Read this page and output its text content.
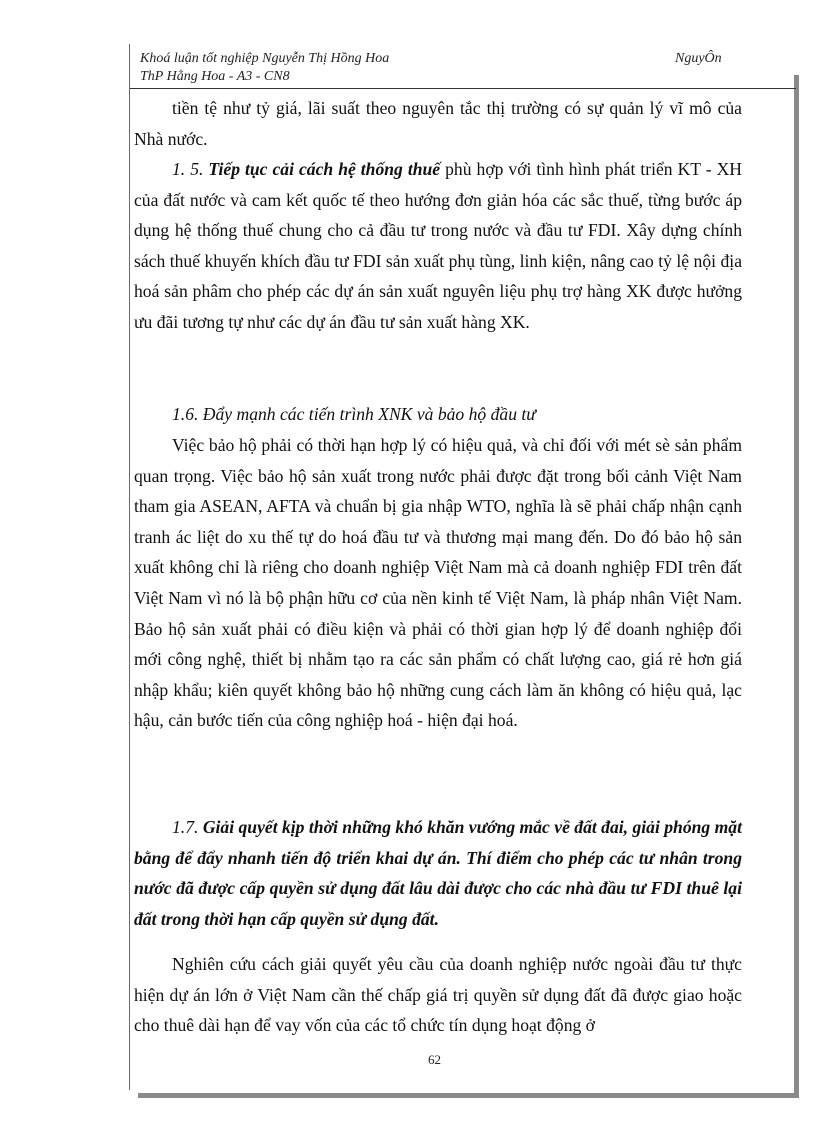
Khoá luận tốt nghiệp Nguyễn Thị Hồng Hoa
ThP Hằng Hoa - A3 - CN8
NguyÔn

tiền tệ như tỷ giá, lãi suất theo nguyên tắc thị trường có sự quản lý vĩ mô của Nhà nước.

1. 5. Tiếp tục cải cách hệ thống thuế phù hợp với tình hình phát triển KT - XH của đất nước và cam kết quốc tế theo hướng đơn giản hóa các sắc thuế, từng bước áp dụng hệ thống thuế chung cho cả đầu tư trong nước và đầu tư FDI. Xây dựng chính sách thuế khuyến khích đầu tư FDI sản xuất phụ tùng, linh kiện, nâng cao tỷ lệ nội địa hoá sản phâm cho phép các dự án sản xuất nguyên liệu phụ trợ hàng XK được hưởng ưu đãi tương tự như các dự án đầu tư sản xuất hàng XK.

1.6. Đẩy mạnh các tiến trình XNK và bảo hộ đầu tư

Việc bảo hộ phải có thời hạn hợp lý có hiệu quả, và chỉ đối với mét sè sản phẩm quan trọng. Việc bảo hộ sản xuất trong nước phải được đặt trong bối cảnh Việt Nam tham gia ASEAN, AFTA và chuẩn bị gia nhập WTO, nghĩa là sẽ phải chấp nhận cạnh tranh ác liệt do xu thế tự do hoá đầu tư và thương mại mang đến. Do đó bảo hộ sản xuất không chỉ là riêng cho doanh nghiệp Việt Nam mà cả doanh nghiệp FDI trên đất Việt Nam vì nó là bộ phận hữu cơ của nền kinh tế Việt Nam, là pháp nhân Việt Nam. Bảo hộ sản xuất phải có điều kiện và phải có thời gian hợp lý để doanh nghiệp đổi mới công nghệ, thiết bị nhằm tạo ra các sản phẩm có chất lượng cao, giá rẻ hơn giá nhập khẩu; kiên quyết không bảo hộ những cung cách làm ăn không có hiệu quả, lạc hậu, cản bước tiến của công nghiệp hoá - hiện đại hoá.

1.7. Giải quyết kịp thời những khó khăn vướng mắc về đất đai, giải phóng mặt bằng để đẩy nhanh tiến độ triển khai dự án. Thí điểm cho phép các tư nhân trong nước đã được cấp quyền sử dụng đất lâu dài được cho các nhà đầu tư FDI thuê lại đất trong thời hạn cấp quyền sử dụng đất.

Nghiên cứu cách giải quyết yêu cầu của doanh nghiệp nước ngoài đầu tư thực hiện dự án lớn ở Việt Nam cần thế chấp giá trị quyền sử dụng đất đã được giao hoặc cho thuê dài hạn để vay vốn của các tổ chức tín dụng hoạt động ở

62
